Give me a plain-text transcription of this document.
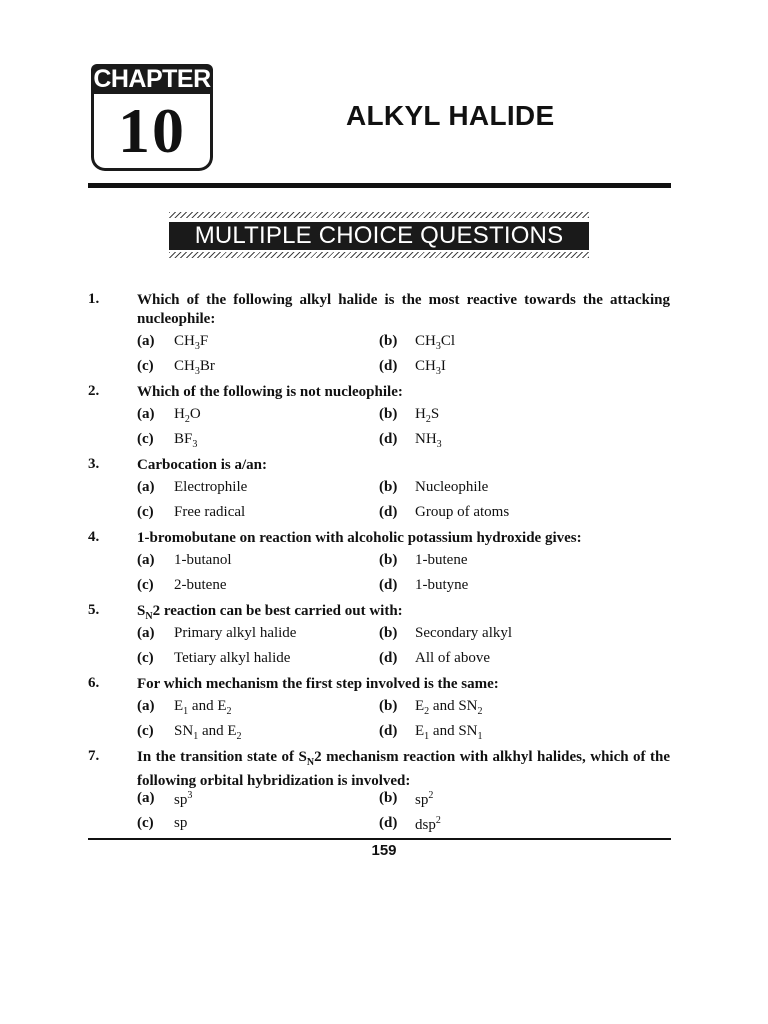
CHAPTER
10	ALKYL HALIDE
MULTIPLE CHOICE QUESTIONS
1.	Which of the following alkyl halide is the most reactive towards the attacking nucleophile:
(a) $CH_3F$	(b) $CH_3Cl$
(c) $CH_3Br$	(d) $CH_3I$
2.	Which of the following is not nucleophile:
(a) $H_2O$	(b) $H_2S$
(c) $BF_3$	(d) $NH_3$
3.	Carbocation is a/an:
(a) Electrophile	(b) Nucleophile
(c) Free radical	(d) Group of atoms
4.	1-bromobutane on reaction with alcoholic potassium hydroxide gives:
(a) 1-butanol	(b) 1-butene
(c) 2-butene	(d) 1-butyne
5.	$S_N2$ reaction can be best carried out with:
(a) Primary alkyl halide	(b) Secondary alkyl
(c) Tetiary alkyl halide	(d) All of above
6.	For which mechanism the first step involved is the same:
(a) $E_1$ and $E_2$	(b) $E_2$ and $SN_2$
(c) $SN_1$ and $E_2$	(d) $E_1$ and $SN_1$
7.	In the transition state of $S_N2$ mechanism reaction with alkhyl halides, which of the following orbital hybridization is involved:
(a) $sp^3$	(b) $sp^2$
(c) sp	(d) dsp$^2$
159
